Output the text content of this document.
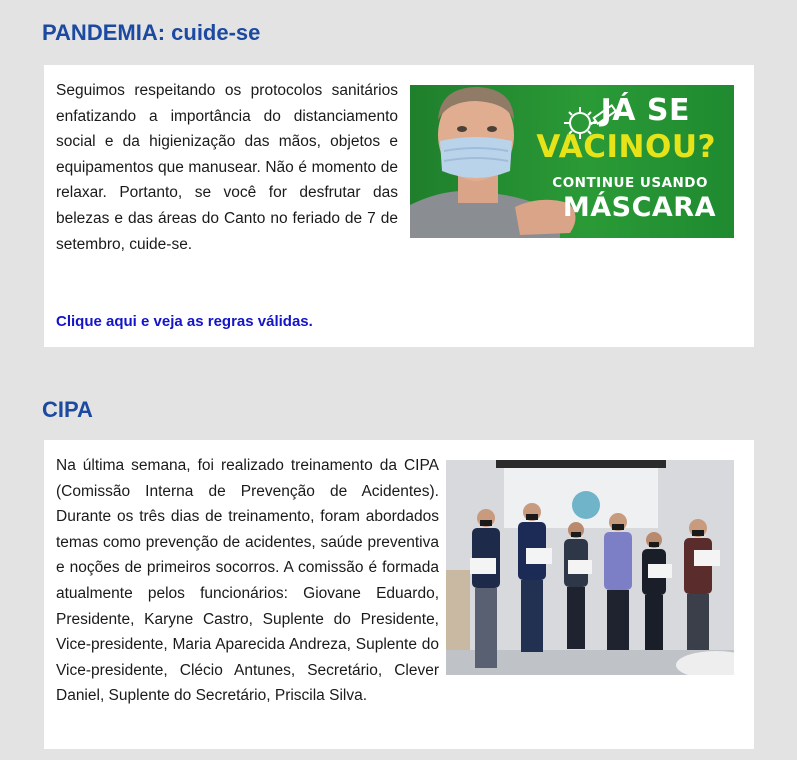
PANDEMIA: cuide-se

Seguimos respeitando os protocolos sanitários enfatizando a importância do distanciamento social e da higienização das mãos, objetos e equipamentos que manusear. Não é momento de relaxar. Portanto, se você for desfrutar das belezas e das áreas do Canto no feriado de 7 de setembro, cuide-se.

Clique aqui e veja as regras válidas.
JÁ SE
VACINOU?
CONTINUE USANDO
MÁSCARA
CIPA

Na última semana, foi realizado treinamento da CIPA (Comissão Interna de Prevenção de Acidentes). Durante os três dias de treinamento, foram abordados temas como prevenção de acidentes, saúde preventiva e noções de primeiros socorros. A comissão é formada atualmente pelos funcionários: Giovane Eduardo, Presidente, Karyne Castro, Suplente do Presidente, Vice-presidente, Maria Aparecida Andreza, Suplente do Vice-presidente, Clécio Antunes, Secretário, Clever Daniel, Suplente do Secretário, Priscila Silva.
